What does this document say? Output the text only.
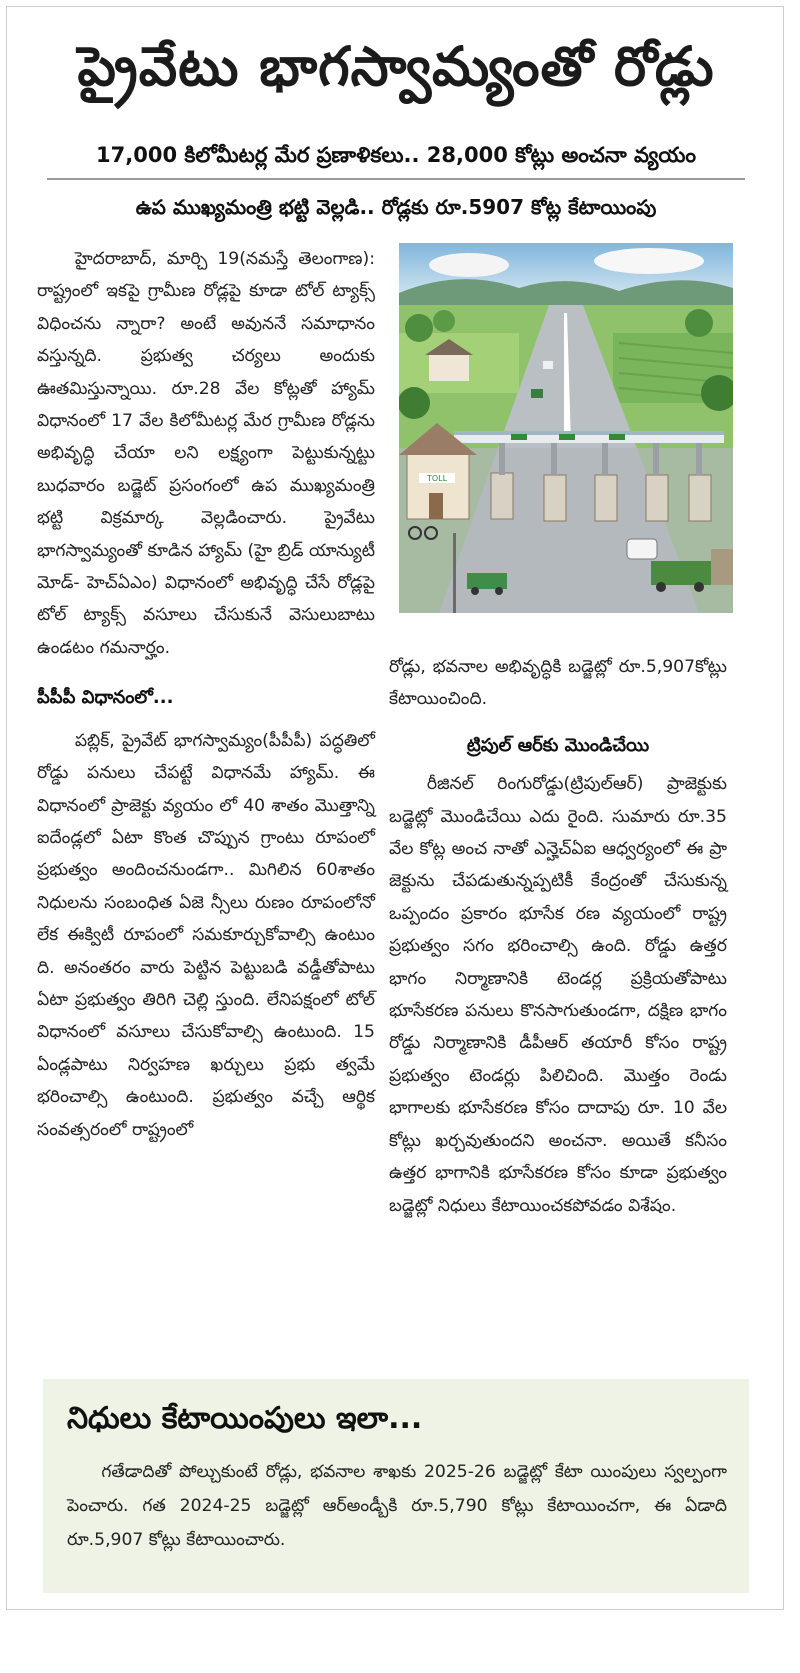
ప్రైవేటు భాగస్వామ్యంతో రోడ్లు
17,000 కిలోమీటర్ల మేర ప్రణాళికలు.. 28,000 కోట్లు అంచనా వ్యయం
ఉప ముఖ్యమంత్రి భట్టి వెల్లడి.. రోడ్లకు రూ.5907 కోట్ల కేటాయింపు

హైదరాబాద్, మార్చి 19(నమస్తే తెలంగాణ): రాష్ట్రంలో ఇకపై గ్రామీణ రోడ్లపై కూడా టోల్ ట్యాక్స్ విధించను న్నారా? అంటే అవుననే సమాధానం వస్తున్నది. ప్రభుత్వ చర్యలు అందుకు ఊతమిస్తున్నాయి. రూ.28 వేల కోట్లతో హ్యామ్ విధానంలో 17 వేల కిలోమీటర్ల మేర గ్రామీణ రోడ్లను అభివృద్ధి చేయా లని లక్ష్యంగా పెట్టుకున్నట్టు బుధవారం బడ్జెట్ ప్రసంగంలో ఉప ముఖ్యమంత్రి భట్టి విక్రమార్క వెల్లడించారు. ప్రైవేటు భాగస్వామ్యంతో కూడిన హ్యామ్ (హై బ్రిడ్ యాన్యుటీ మోడ్- హెచ్ఏఎం) విధానంలో అభివృద్ధి చేసే రోడ్లపై టోల్ ట్యాక్స్ వసూలు చేసుకునే వెసులుబాటు ఉండటం గమనార్హం.

పీపీపీ విధానంలో...

పబ్లిక్, ప్రైవేట్ భాగస్వామ్యం(పీపీపీ) పద్ధతిలో రోడ్డు పనులు చేపట్టే విధానమే హ్యామ్. ఈ విధానంలో ప్రాజెక్టు వ్యయం లో 40 శాతం మొత్తాన్ని ఐదేండ్లలో ఏటా కొంత చొప్పున గ్రాంటు రూపంలో ప్రభుత్వం అందించనుండగా.. మిగిలిన 60శాతం నిధులను సంబంధిత ఏజె న్సీలు రుణం రూపంలోనో లేక ఈక్విటీ రూపంలో సమకూర్చుకోవాల్సి ఉంటుం ది. అనంతరం వారు పెట్టిన పెట్టుబడి వడ్డీతోపాటు ఏటా ప్రభుత్వం తిరిగి చెల్లి స్తుంది. లేనిపక్షంలో టోల్ విధానంలో వసూలు చేసుకోవాల్సి ఉంటుంది. 15 ఏండ్లపాటు నిర్వహణ ఖర్చులు ప్రభు త్వమే భరించాల్సి ఉంటుంది. ప్రభుత్వం వచ్చే ఆర్థిక సంవత్సరంలో రాష్ట్రంలో

TOLL

రోడ్లు, భవనాల అభివృద్ధికి బడ్జెట్లో రూ.5,907కోట్లు కేటాయించింది.

ట్రిపుల్ ఆర్‌కు మొండిచేయి

రీజినల్ రింగురోడ్డు(ట్రిపుల్ఆర్) ప్రాజెక్టుకు బడ్జెట్లో మొండిచేయి ఎదు రైంది. సుమారు రూ.35 వేల కోట్ల అంచ నాతో ఎన్హెచ్ఏఐ ఆధ్వర్యంలో ఈ ప్రా జెక్టును చేపడుతున్నప్పటికీ కేంద్రంతో చేసుకున్న ఒప్పందం ప్రకారం భూసేక రణ వ్యయంలో రాష్ట్ర ప్రభుత్వం సగం భరించాల్సి ఉంది. రోడ్డు ఉత్తర భాగం నిర్మాణానికి టెండర్ల ప్రక్రియతోపాటు భూసేకరణ పనులు కొనసాగుతుండగా, దక్షిణ భాగం రోడ్డు నిర్మాణానికి డీపీఆర్ తయారీ కోసం రాష్ట్ర ప్రభుత్వం టెండర్లు పిలిచింది. మొత్తం రెండు భాగాలకు భూసేకరణ కోసం దాదాపు రూ. 10 వేల కోట్లు ఖర్చవుతుందని అంచనా. అయితే కనీసం ఉత్తర భాగానికి భూసేకరణ కోసం కూడా ప్రభుత్వం బడ్జెట్లో నిధులు కేటాయించకపోవడం విశేషం.

నిధులు కేటాయింపులు ఇలా...
గతేడాదితో పోల్చుకుంటే రోడ్లు, భవనాల శాఖకు 2025-26 బడ్జెట్లో కేటా యింపులు స్వల్పంగా పెంచారు. గత 2024-25 బడ్జెట్లో ఆర్అండ్బీకి రూ.5,790 కోట్లు కేటాయించగా, ఈ ఏడాది రూ.5,907 కోట్లు కేటాయించారు.
